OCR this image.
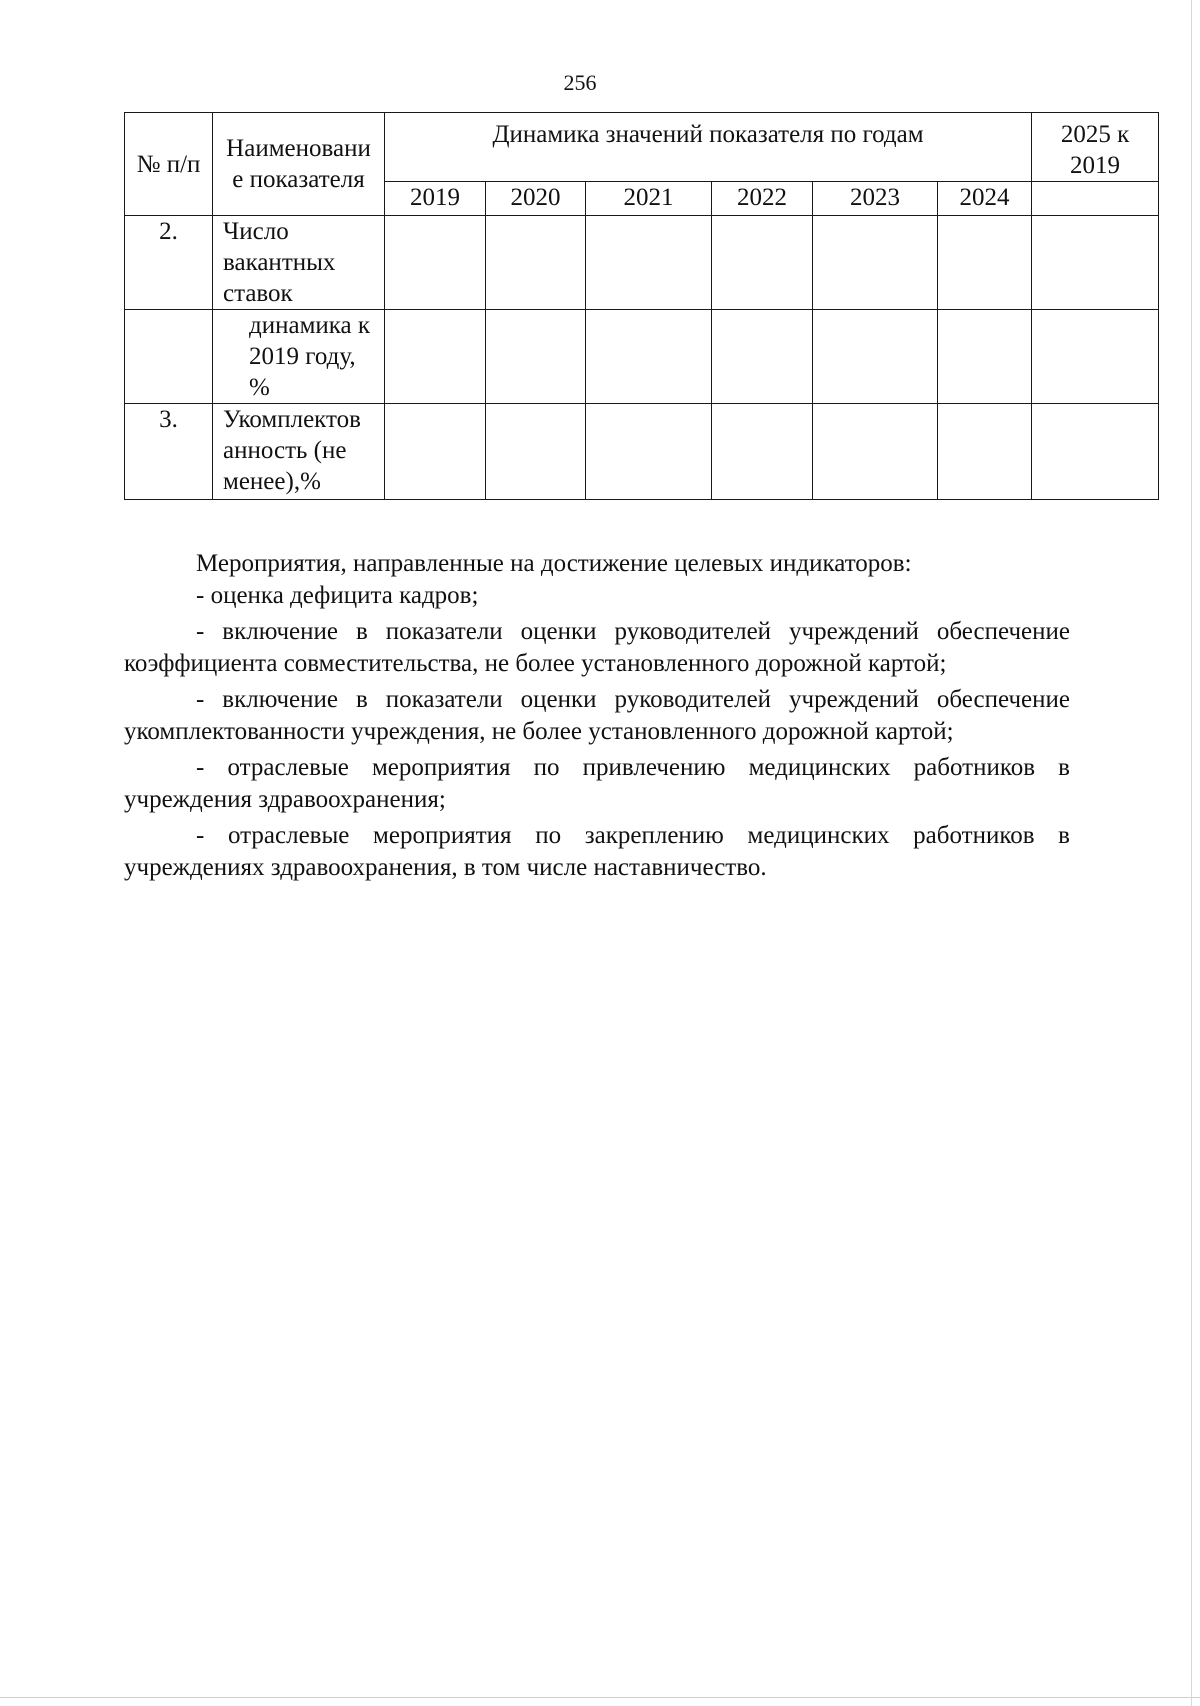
256
№ п/п	Наименовани е показателя	Динамика значений показателя по годам						2025 к 2019
		2019	2020	2021	2022	2023	2024	
2.	Число вакантных ставок							
	динамика к 2019 году, %							
3.	Укомплектов анность (не менее),%							

Мероприятия, направленные на достижение целевых индикаторов:

- оценка дефицита кадров;

- включение в показатели оценки руководителей учреждений обеспечение коэффициента совместительства, не более установленного дорожной картой;

- включение в показатели оценки руководителей учреждений обеспечение укомплектованности учреждения, не более установленного дорожной картой;

- отраслевые мероприятия по привлечению медицинских работников в учреждения здравоохранения;

- отраслевые мероприятия по закреплению медицинских работников в учреждениях здравоохранения, в том числе наставничество.
